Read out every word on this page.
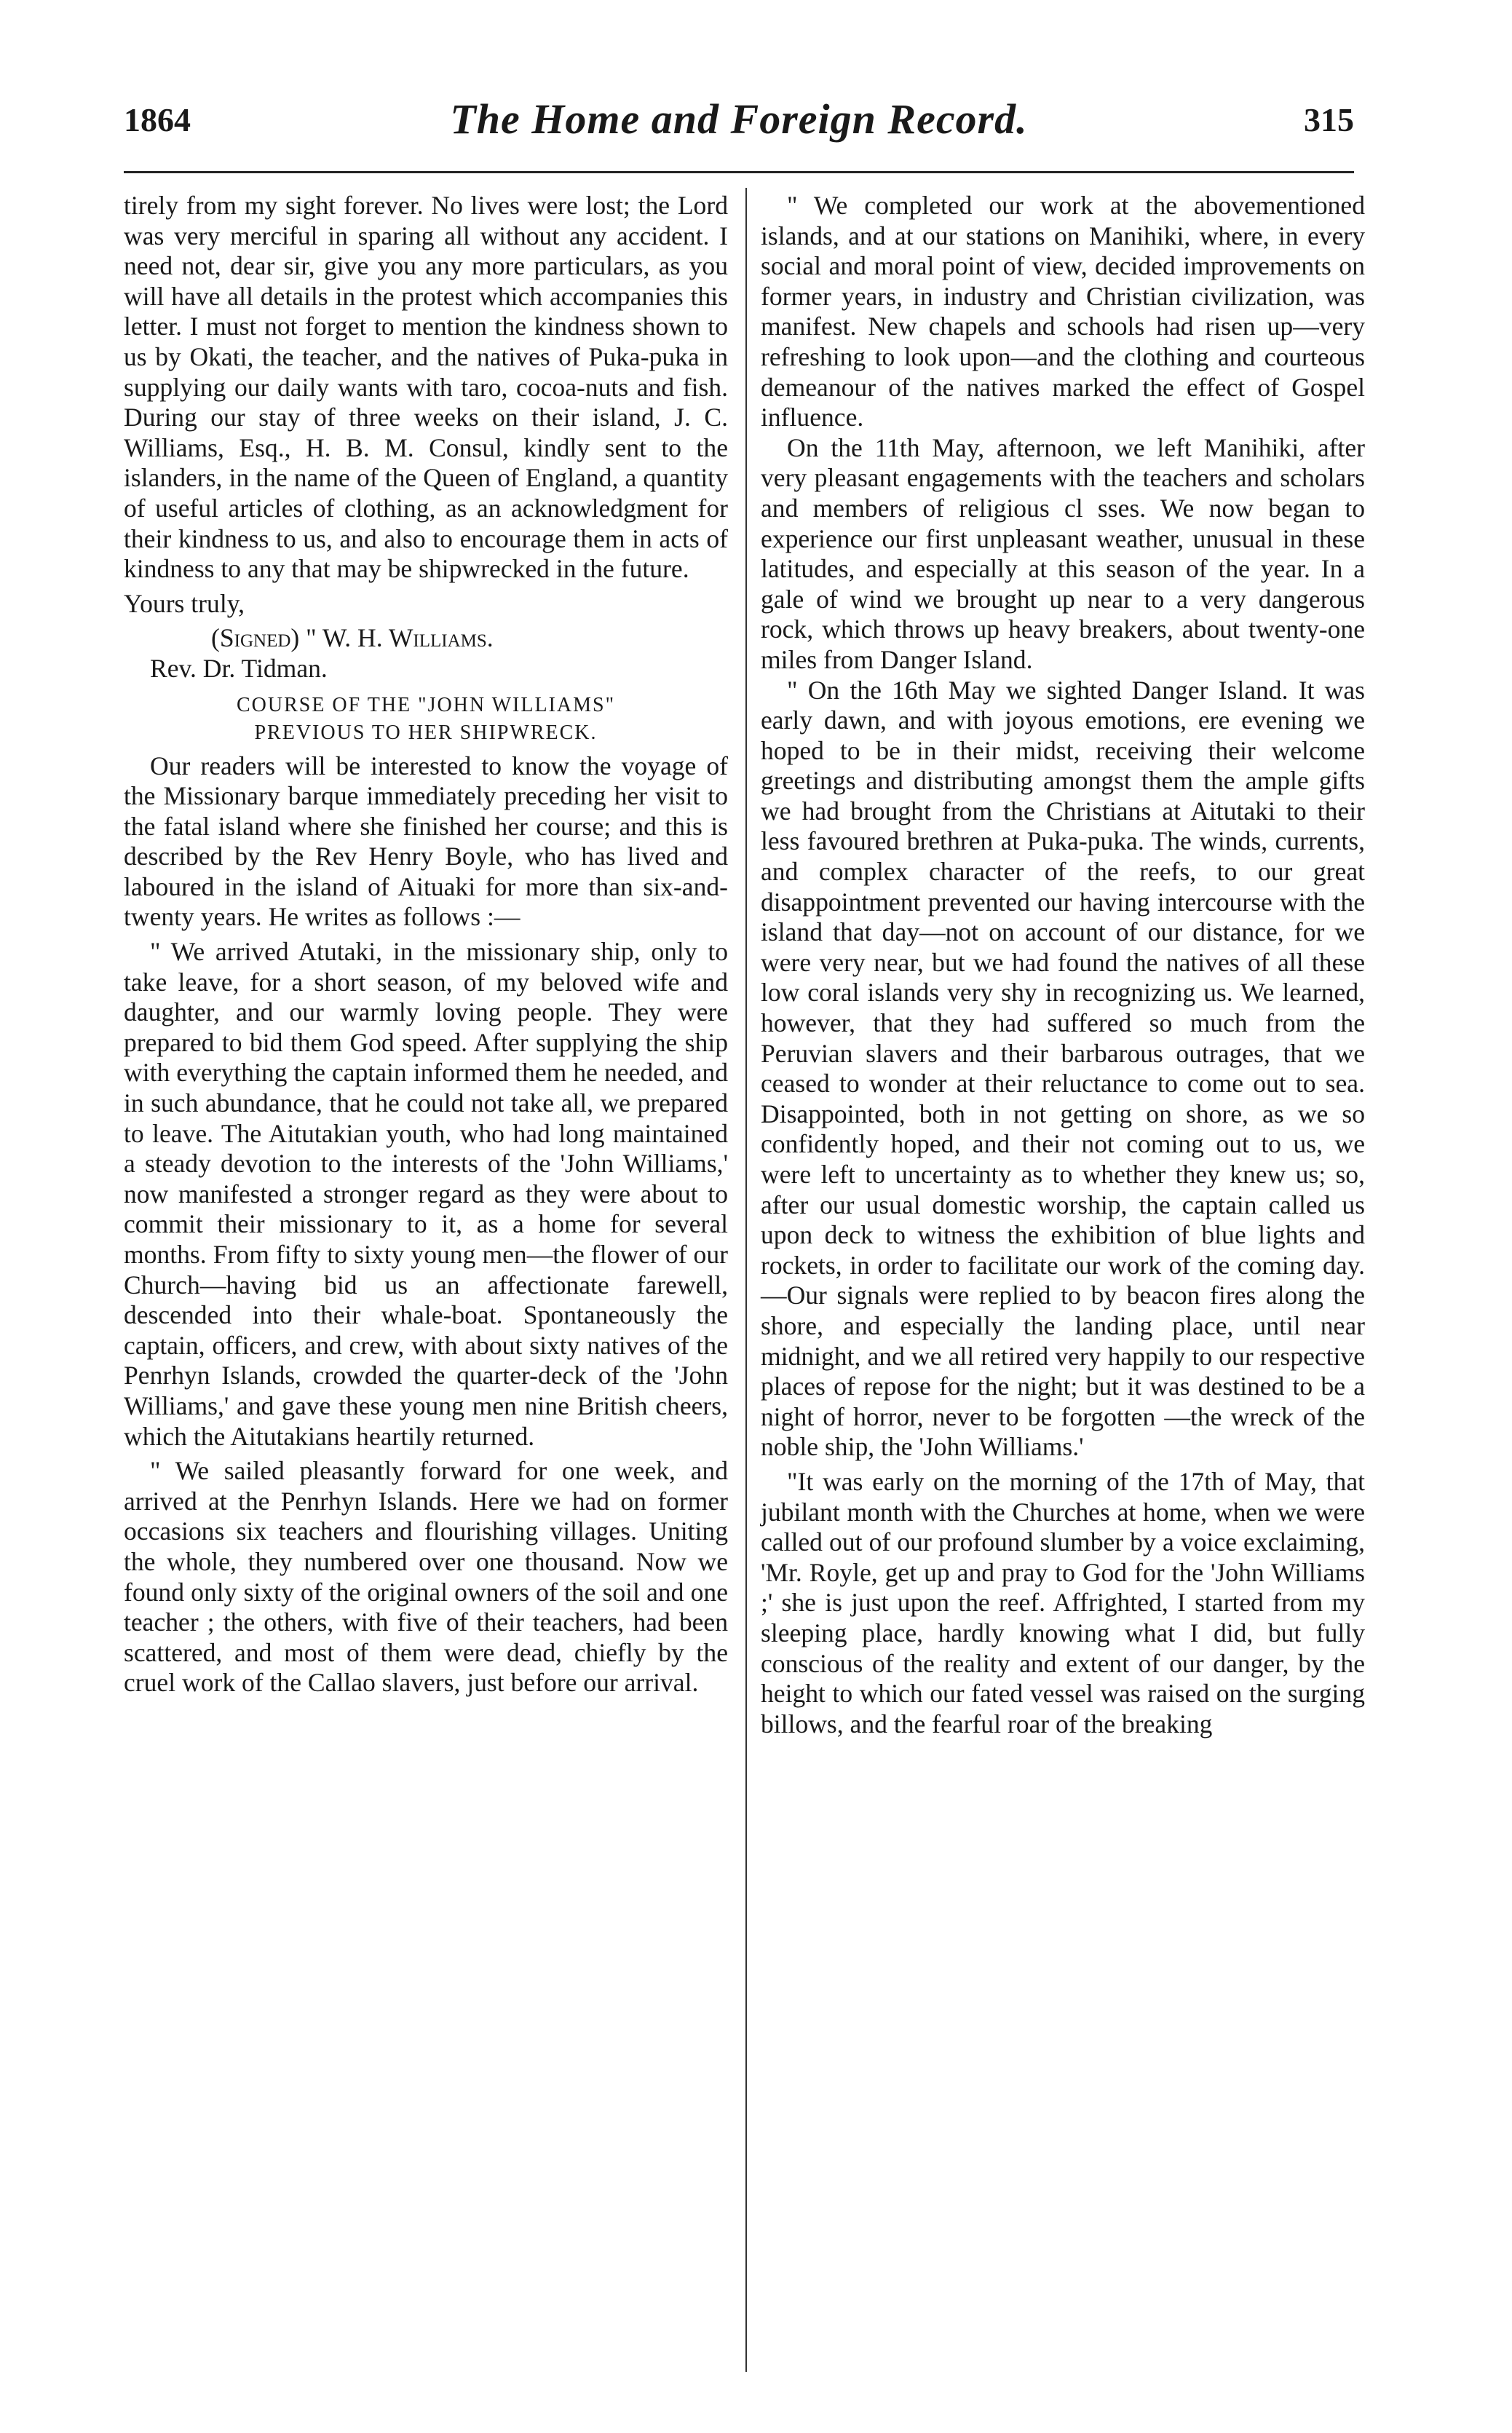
1864	The Home and Foreign Record.	315

tirely from my sight forever. No lives were lost; the Lord was very merciful in sparing all without any accident. I need not, dear sir, give you any more particulars, as you will have all details in the protest which accompanies this letter. I must not forget to mention the kindness shown to us by Okati, the teacher, and the natives of Puka-puka in supplying our daily wants with taro, cocoa-nuts and fish. During our stay of three weeks on their island, J. C. Williams, Esq., H. B. M. Consul, kindly sent to the islanders, in the name of the Queen of England, a quantity of useful articles of clothing, as an acknowledgment for their kindness to us, and also to encourage them in acts of kindness to any that may be shipwrecked in the future.

Yours truly,

(Signed) " W. H. Williams.

Rev. Dr. Tidman.

COURSE OF THE "JOHN WILLIAMS"
PREVIOUS TO HER SHIPWRECK.

Our readers will be interested to know the voyage of the Missionary barque immediately preceding her visit to the fatal island where she finished her course; and this is described by the Rev Henry Boyle, who has lived and laboured in the island of Aituaki for more than six-and-twenty years. He writes as follows :—

" We arrived Atutaki, in the missionary ship, only to take leave, for a short season, of my beloved wife and daughter, and our warmly loving people. They were prepared to bid them God speed. After supplying the ship with everything the captain informed them he needed, and in such abundance, that he could not take all, we prepared to leave. The Aitutakian youth, who had long maintained a steady devotion to the interests of the 'John Williams,' now manifested a stronger regard as they were about to commit their missionary to it, as a home for several months. From fifty to sixty young men—the flower of our Church—having bid us an affectionate farewell, descended into their whale-boat. Spontaneously the captain, officers, and crew, with about sixty natives of the Penrhyn Islands, crowded the quarter-deck of the 'John Williams,' and gave these young men nine British cheers, which the Aitutakians heartily returned.

" We sailed pleasantly forward for one week, and arrived at the Penrhyn Islands. Here we had on former occasions six teachers and flourishing villages. Uniting the whole, they numbered over one thousand. Now we found only sixty of the original owners of the soil and one teacher ; the others, with five of their teachers, had been scattered, and most of them were dead, chiefly by the cruel work of the Callao slavers, just before our arrival.

" We completed our work at the abovementioned islands, and at our stations on Manihiki, where, in every social and moral point of view, decided improvements on former years, in industry and Christian civilization, was manifest. New chapels and schools had risen up—very refreshing to look upon—and the clothing and courteous demeanour of the natives marked the effect of Gospel influence.

On the 11th May, afternoon, we left Manihiki, after very pleasant engagements with the teachers and scholars and members of religious cl sses. We now began to experience our first unpleasant weather, unusual in these latitudes, and especially at this season of the year. In a gale of wind we brought up near to a very dangerous rock, which throws up heavy breakers, about twenty-one miles from Danger Island.

" On the 16th May we sighted Danger Island. It was early dawn, and with joyous emotions, ere evening we hoped to be in their midst, receiving their welcome greetings and distributing amongst them the ample gifts we had brought from the Christians at Aitutaki to their less favoured brethren at Puka-puka. The winds, currents, and complex character of the reefs, to our great disappointment prevented our having intercourse with the island that day—not on account of our distance, for we were very near, but we had found the natives of all these low coral islands very shy in recognizing us. We learned, however, that they had suffered so much from the Peruvian slavers and their barbarous outrages, that we ceased to wonder at their reluctance to come out to sea. Disappointed, both in not getting on shore, as we so confidently hoped, and their not coming out to us, we were left to uncertainty as to whether they knew us; so, after our usual domestic worship, the captain called us upon deck to witness the exhibition of blue lights and rockets, in order to facilitate our work of the coming day.—Our signals were replied to by beacon fires along the shore, and especially the landing place, until near midnight, and we all retired very happily to our respective places of repose for the night; but it was destined to be a night of horror, never to be forgotten —the wreck of the noble ship, the 'John Williams.'

"It was early on the morning of the 17th of May, that jubilant month with the Churches at home, when we were called out of our profound slumber by a voice exclaiming, 'Mr. Royle, get up and pray to God for the 'John Williams ;' she is just upon the reef. Affrighted, I started from my sleeping place, hardly knowing what I did, but fully conscious of the reality and extent of our danger, by the height to which our fated vessel was raised on the surging billows, and the fearful roar of the breaking
